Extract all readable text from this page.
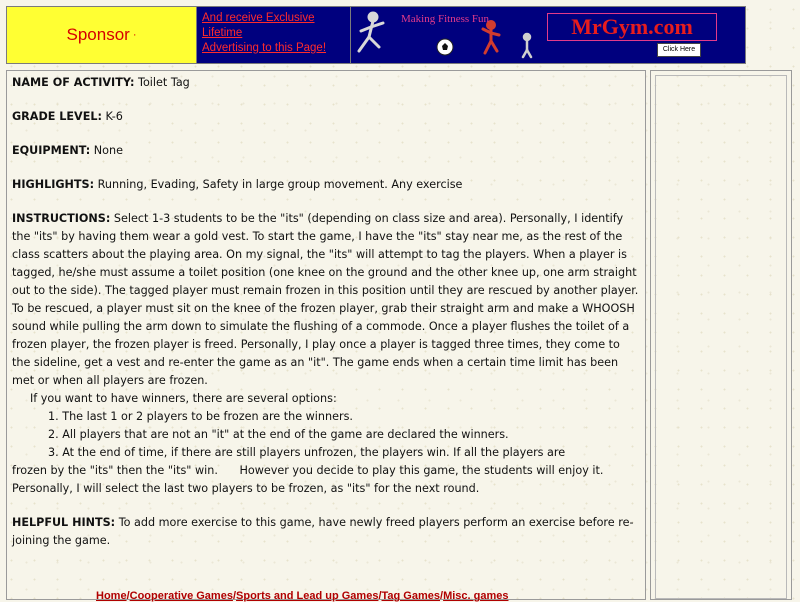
Sponsor ·
And receive Exclusive
Lifetime
Advertising to this Page!
Making Fitness Fun	MrGym.com
Click Here

NAME OF ACTIVITY: Toilet Tag

GRADE LEVEL: K-6

EQUIPMENT: None

HIGHLIGHTS: Running, Evading, Safety in large group movement. Any exercise

INSTRUCTIONS: Select 1-3 students to be the "its" (depending on class size and area). Personally, I identify the "its" by having them wear a gold vest. To start the game, I have the "its" stay near me, as the rest of the class scatters about the playing area. On my signal, the "its" will attempt to tag the players. When a player is tagged, he/she must assume a toilet position (one knee on the ground and the other knee up, one arm straight out to the side). The tagged player must remain frozen in this position until they are rescued by another player. To be rescued, a player must sit on the knee of the frozen player, grab their straight arm and make a WHOOSH sound while pulling the arm down to simulate the flushing of a commode. Once a player flushes the toilet of a frozen player, the frozen player is freed. Personally, I play once a player is tagged three times, they come to the sideline, get a vest and re-enter the game as an "it". The game ends when a certain time limit has been met or when all players are frozen.
If you want to have winners, there are several options:
1. The last 1 or 2 players to be frozen are the winners.
2. All players that are not an "it" at the end of the game are declared the winners.
3. At the end of time, if there are still players unfrozen, the players win. If all the players are
frozen by the "its" then the "its" win. However you decide to play this game, the students will enjoy it. Personally, I will select the last two players to be frozen, as "its" for the next round.

HELPFUL HINTS: To add more exercise to this game, have newly freed players perform an exercise before re-joining the game.

Home/Cooperative Games/Sports and Lead up Games/Tag Games/Misc. games
